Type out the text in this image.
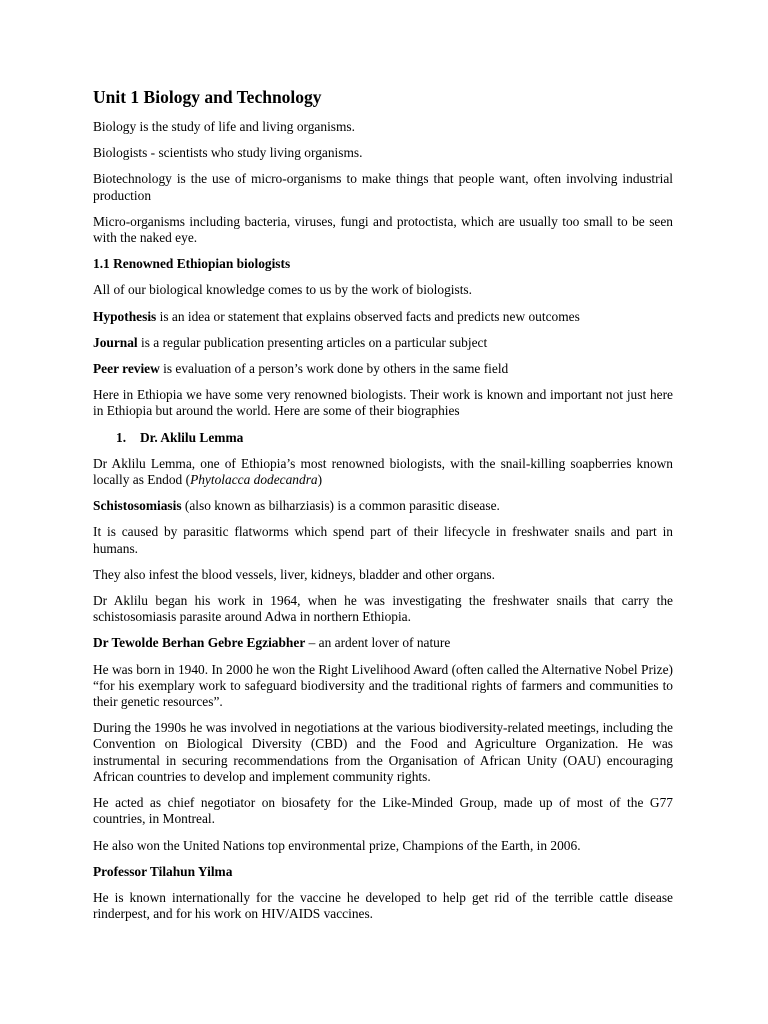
Unit 1 Biology and Technology

Biology is the study of life and living organisms.

Biologists - scientists who study living organisms.

Biotechnology is the use of micro-organisms to make things that people want, often involving industrial production

Micro-organisms including bacteria, viruses, fungi and protoctista, which are usually too small to be seen with the naked eye.

1.1 Renowned Ethiopian biologists

All of our biological knowledge comes to us by the work of biologists.

Hypothesis is an idea or statement that explains observed facts and predicts new outcomes

Journal is a regular publication presenting articles on a particular subject

Peer review is evaluation of a person’s work done by others in the same field

Here in Ethiopia we have some very renowned biologists. Their work is known and important not just here in Ethiopia but around the world. Here are some of their biographies

1. Dr. Aklilu Lemma

Dr Aklilu Lemma, one of Ethiopia’s most renowned biologists, with the snail-killing soapberries known locally as Endod (Phytolacca dodecandra)

Schistosomiasis (also known as bilharziasis) is a common parasitic disease.

It is caused by parasitic flatworms which spend part of their lifecycle in freshwater snails and part in humans.

They also infest the blood vessels, liver, kidneys, bladder and other organs.

Dr Aklilu began his work in 1964, when he was investigating the freshwater snails that carry the schistosomiasis parasite around Adwa in northern Ethiopia.

Dr Tewolde Berhan Gebre Egziabher – an ardent lover of nature

He was born in 1940. In 2000 he won the Right Livelihood Award (often called the Alternative Nobel Prize) “for his exemplary work to safeguard biodiversity and the traditional rights of farmers and communities to their genetic resources”.

During the 1990s he was involved in negotiations at the various biodiversity-related meetings, including the Convention on Biological Diversity (CBD) and the Food and Agriculture Organization. He was instrumental in securing recommendations from the Organisation of African Unity (OAU) encouraging African countries to develop and implement community rights.

He acted as chief negotiator on biosafety for the Like-Minded Group, made up of most of the G77 countries, in Montreal.

He also won the United Nations top environmental prize, Champions of the Earth, in 2006.

Professor Tilahun Yilma

He is known internationally for the vaccine he developed to help get rid of the terrible cattle disease rinderpest, and for his work on HIV/AIDS vaccines.
